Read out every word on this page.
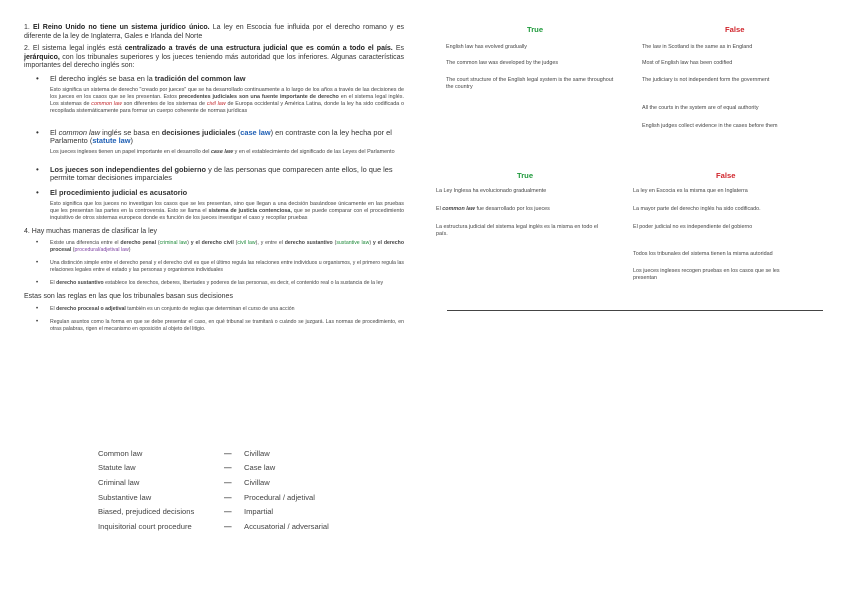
1. El Reino Unido no tiene un sistema jurídico único. La ley en Escocia fue influida por el derecho romano y es diferente de la ley de Inglaterra, Gales e Irlanda del Norte

2. El sistema legal inglés está centralizado a través de una estructura judicial que es común a todo el país. Es jerárquico, con los tribunales superiores y los jueces teniendo más autoridad que los inferiores. Algunas características importantes del derecho inglés son:

• El derecho inglés se basa en la tradición del common law

Esto significa un sistema de derecho "creado por jueces" que se ha desarrollado continuamente a lo largo de los años a través de las decisiones de los jueces en los casos que se les presentan. Estos precedentes judiciales son una fuente importante de derecho en el sistema legal inglés. Los sistemas de common law son diferentes de los sistemas de civil law de Europa occidental y América Latina, donde la ley ha sido codificada o recopilada sistemáticamente para formar un cuerpo coherente de normas jurídicas

• El common law inglés se basa en decisiones judiciales (case law) en contraste con la ley hecha por el Parlamento (statute law)

Los jueces ingleses tienen un papel importante en el desarrollo del case law y en el establecimiento del significado de las Leyes del Parlamento

• Los jueces son independientes del gobierno y de las personas que comparecen ante ellos, lo que les permite tomar decisiones imparciales
• El procedimiento judicial es acusatorio

Esto significa que los jueces no investigan los casos que se les presentan, sino que llegan a una decisión basándose únicamente en las pruebas que les presentan las partes en la controversia. Esto se llama el sistema de justicia contenciosa, que se puede comparar con el procedimiento inquisitivo de otros sistemas europeos donde es función de los jueces investigar el caso y recopilar pruebas

4. Hay muchas maneras de clasificar la ley

• Existe una diferencia entre el derecho penal (criminal law) y el derecho civil (civil law), y entre el derecho sustantivo (sustantive law) y el derecho procesal (procedural/adjetival law)
• Una distinción simple entre el derecho penal y el derecho civil es que el último regula las relaciones entre individuos u organismos, y el primero regula las relaciones legales entre el estado y las personas y organismos individuales
• El derecho sustantivo establece los derechos, deberes, libertades y poderes de las personas, es decir, el contenido real o la sustancia de la ley

Estas son las reglas en las que los tribunales basan sus decisiones

• El derecho procesal o adjetival también es un conjunto de reglas que determinan el curso de una acción
• Regulan asuntos como la forma en que se debe presentar el caso, en qué tribunal se tramitará o cuándo se juzgará. Las normas de procedimiento, en otras palabras, rigen el mecanismo en oposición al objeto del litigio.
Common law	—	Civillaw
Statute law	—	Case law
Criminal law	—	Civillaw
Substantive law	—	Procedural / adjetival
Biased, prejudiced decisions	—	Impartial
Inquisitorial court procedure	—	Accusatorial / adversarial
True	False
English law has evolved gradually
The common law was developed by the judges
The court structure of the English legal system is the same throughout the country
The law in Scotland is the same as in England
Most of English law has been codified
The judiciary is not independent form the government
All the courts in the system are of equal authority
English judges collect evidence in the cases before them
True	False
La Ley Inglesa ha evolucionado gradualmente
El common law fue desarrollado por los jueces
La estructura judicial del sistema legal inglés es la misma en todo el país.
La ley en Escocia es la misma que en Inglaterra
La mayor parte del derecho inglés ha sido codificado.
El poder judicial no es independiente del gobierno
Todos los tribunales del sistema tienen la misma autoridad
Los jueces ingleses recogen pruebas en los casos que se les presentan
